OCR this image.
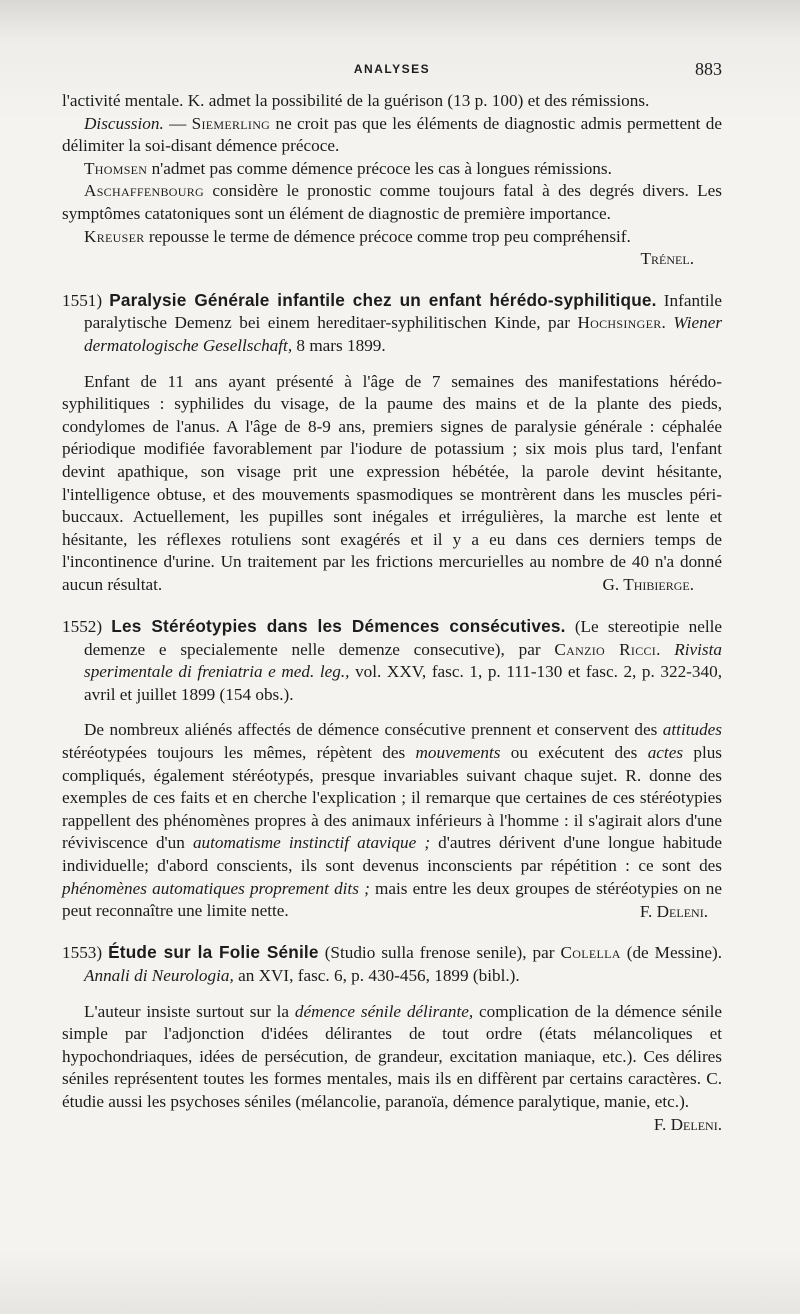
ANALYSES	883

l'activité mentale. K. admet la possibilité de la guérison (13 p. 100) et des rémissions.

Discussion. — Siemerling ne croit pas que les éléments de diagnostic admis permettent de délimiter la soi-disant démence précoce.

Thomsen n'admet pas comme démence précoce les cas à longues rémissions.

Aschaffenbourg considère le pronostic comme toujours fatal à des degrés divers. Les symptômes catatoniques sont un élément de diagnostic de première importance.

Kreuser repousse le terme de démence précoce comme trop peu compréhensif.

Trénel.

1551) Paralysie Générale infantile chez un enfant hérédo-syphilitique. Infantile paralytische Demenz bei einem hereditaer-syphilitischen Kinde, par Hochsinger. Wiener dermatologische Gesellschaft, 8 mars 1899.

Enfant de 11 ans ayant présenté à l'âge de 7 semaines des manifestations hérédo-syphilitiques : syphilides du visage, de la paume des mains et de la plante des pieds, condylomes de l'anus. A l'âge de 8-9 ans, premiers signes de paralysie générale : céphalée périodique modifiée favorablement par l'iodure de potassium ; six mois plus tard, l'enfant devint apathique, son visage prit une expression hébétée, la parole devint hésitante, l'intelligence obtuse, et des mouvements spasmodiques se montrèrent dans les muscles péri-buccaux. Actuellement, les pupilles sont inégales et irrégulières, la marche est lente et hésitante, les réflexes rotuliens sont exagérés et il y a eu dans ces derniers temps de l'incontinence d'urine. Un traitement par les frictions mercurielles au nombre de 40 n'a donné aucun résultat.	G. Thibierge.

1552) Les Stéréotypies dans les Démences consécutives. (Le stereotipie nelle demenze e specialemente nelle demenze consecutive), par Canzio Ricci. Rivista sperimentale di freniatria e med. leg., vol. XXV, fasc. 1, p. 111-130 et fasc. 2, p. 322-340, avril et juillet 1899 (154 obs.).

De nombreux aliénés affectés de démence consécutive prennent et conservent des attitudes stéréotypées toujours les mêmes, répètent des mouvements ou exécutent des actes plus compliqués, également stéréotypés, presque invariables suivant chaque sujet. R. donne des exemples de ces faits et en cherche l'explication ; il remarque que certaines de ces stéréotypies rappellent des phénomènes propres à des animaux inférieurs à l'homme : il s'agirait alors d'une réviviscence d'un automatisme instinctif atavique ; d'autres dérivent d'une longue habitude individuelle; d'abord conscients, ils sont devenus inconscients par répétition : ce sont des phénomènes automatiques proprement dits ; mais entre les deux groupes de stéréotypies on ne peut reconnaître une limite nette.	F. Deleni.

1553) Étude sur la Folie Sénile (Studio sulla frenose senile), par Colella (de Messine). Annali di Neurologia, an XVI, fasc. 6, p. 430-456, 1899 (bibl.).

L'auteur insiste surtout sur la démence sénile délirante, complication de la démence sénile simple par l'adjonction d'idées délirantes de tout ordre (états mélancoliques et hypochondriaques, idées de persécution, de grandeur, excitation maniaque, etc.). Ces délires séniles représentent toutes les formes mentales, mais ils en diffèrent par certains caractères. C. étudie aussi les psychoses séniles (mélancolie, paranoïa, démence paralytique, manie, etc.).

F. Deleni.
